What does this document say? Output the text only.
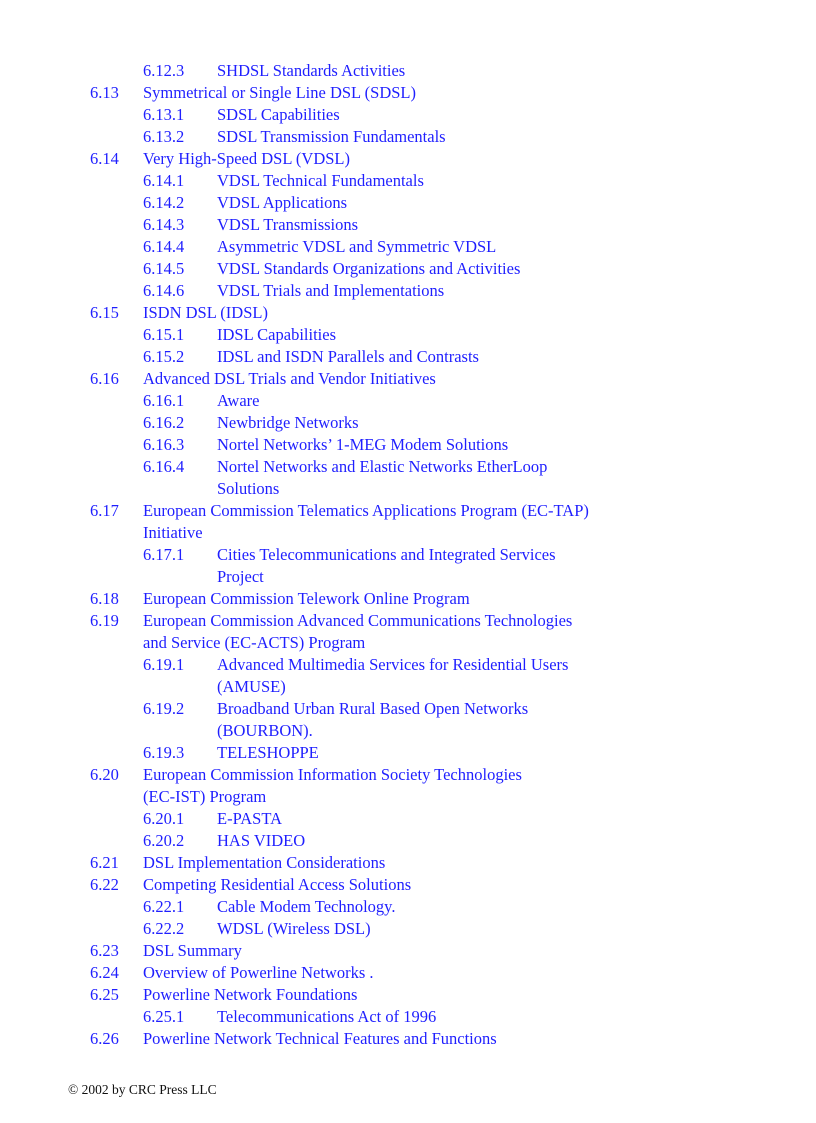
6.12.3 SHDSL Standards Activities
6.13 Symmetrical or Single Line DSL (SDSL)
6.13.1 SDSL Capabilities
6.13.2 SDSL Transmission Fundamentals
6.14 Very High-Speed DSL (VDSL)
6.14.1 VDSL Technical Fundamentals
6.14.2 VDSL Applications
6.14.3 VDSL Transmissions
6.14.4 Asymmetric VDSL and Symmetric VDSL
6.14.5 VDSL Standards Organizations and Activities
6.14.6 VDSL Trials and Implementations
6.15 ISDN DSL (IDSL)
6.15.1 IDSL Capabilities
6.15.2 IDSL and ISDN Parallels and Contrasts
6.16 Advanced DSL Trials and Vendor Initiatives
6.16.1 Aware
6.16.2 Newbridge Networks
6.16.3 Nortel Networks’ 1-MEG Modem Solutions
6.16.4 Nortel Networks and Elastic Networks EtherLoop
Solutions
6.17 European Commission Telematics Applications Program (EC-TAP)
Initiative
6.17.1 Cities Telecommunications and Integrated Services
Project
6.18 European Commission Telework Online Program
6.19 European Commission Advanced Communications Technologies
and Service (EC-ACTS) Program
6.19.1 Advanced Multimedia Services for Residential Users
(AMUSE)
6.19.2 Broadband Urban Rural Based Open Networks
(BOURBON).
6.19.3 TELESHOPPE
6.20 European Commission Information Society Technologies
(EC-IST) Program
6.20.1 E-PASTA
6.20.2 HAS VIDEO
6.21 DSL Implementation Considerations
6.22 Competing Residential Access Solutions
6.22.1 Cable Modem Technology.
6.22.2 WDSL (Wireless DSL)
6.23 DSL Summary
6.24 Overview of Powerline Networks .
6.25 Powerline Network Foundations
6.25.1 Telecommunications Act of 1996
6.26 Powerline Network Technical Features and Functions
© 2002 by CRC Press LLC
